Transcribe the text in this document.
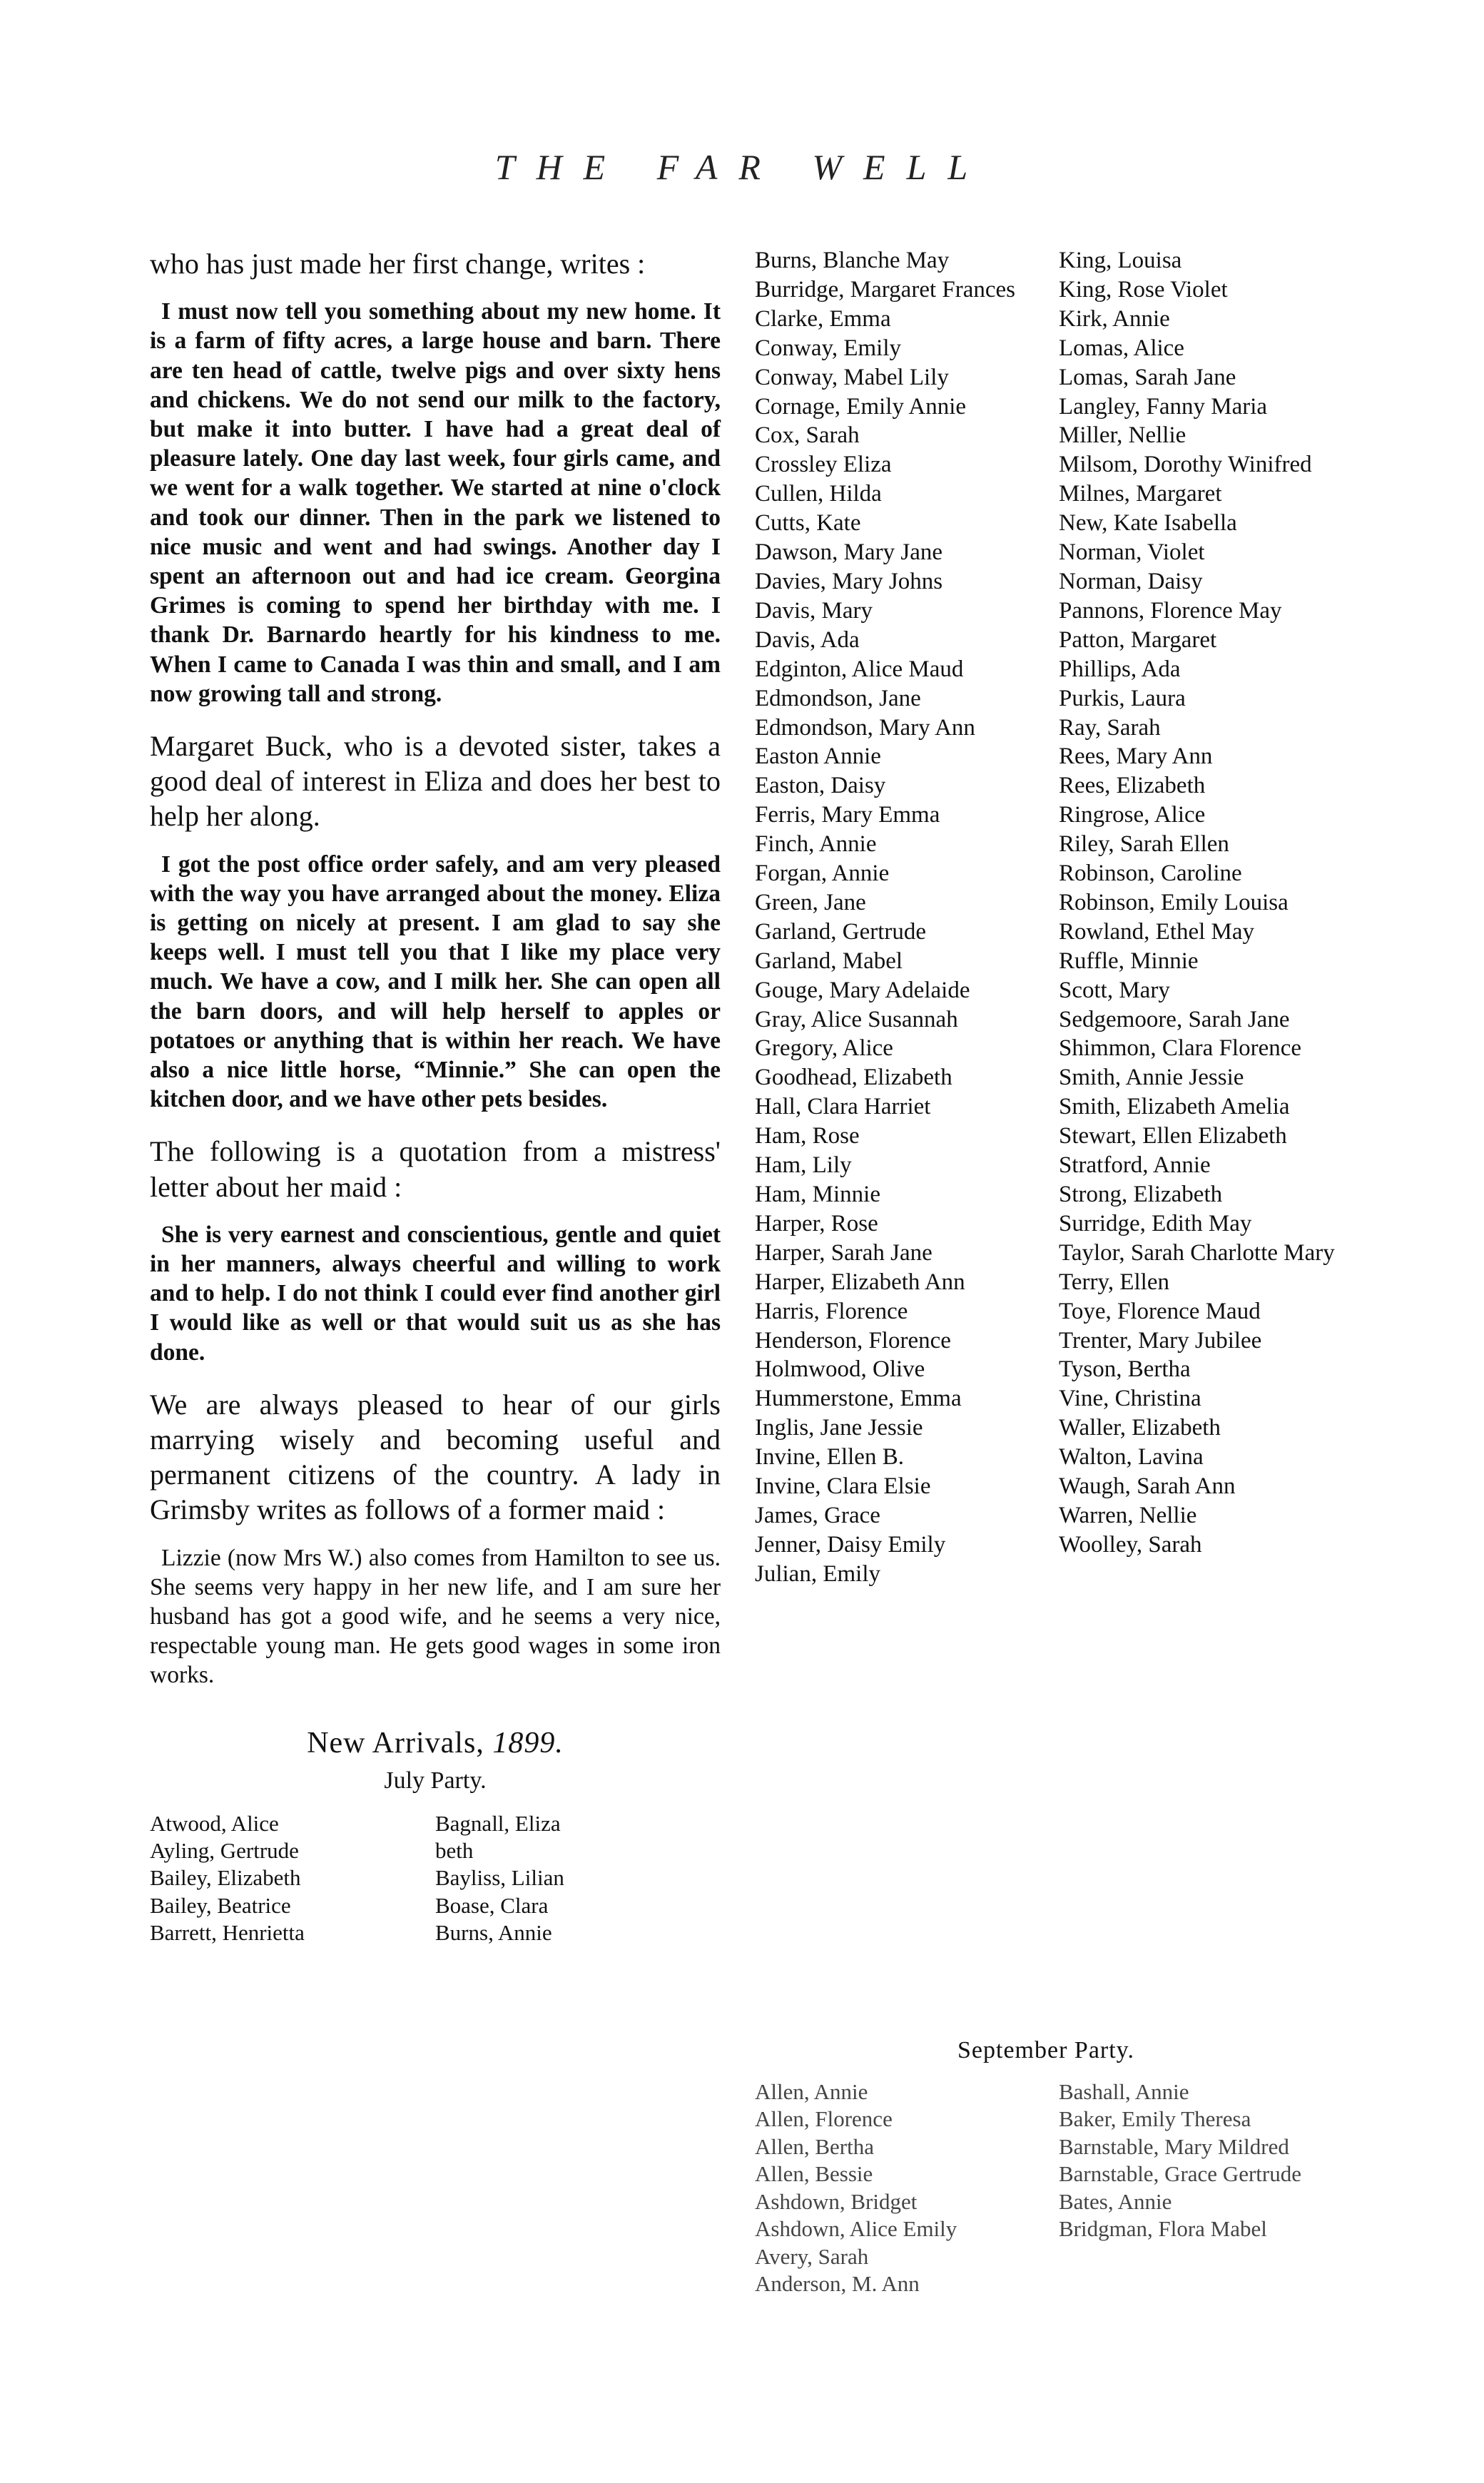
THE FAR WELL

who has just made her first change, writes :

I must now tell you something about my new home. It is a farm of fifty acres, a large house and barn. There are ten head of cattle, twelve pigs and over sixty hens and chickens. We do not send our milk to the factory, but make it into butter. I have had a great deal of pleasure lately. One day last week, four girls came, and we went for a walk together. We started at nine o'clock and took our dinner. Then in the park we listened to nice music and went and had swings. Another day I spent an afternoon out and had ice cream. Georgina Grimes is coming to spend her birthday with me. I thank Dr. Barnardo heartly for his kindness to me. When I came to Canada I was thin and small, and I am now growing tall and strong.

Margaret Buck, who is a devoted sister, takes a good deal of interest in Eliza and does her best to help her along.

I got the post office order safely, and am very pleased with the way you have arranged about the money. Eliza is getting on nicely at present. I am glad to say she keeps well. I must tell you that I like my place very much. We have a cow, and I milk her. She can open all the barn doors, and will help herself to apples or potatoes or anything that is within her reach. We have also a nice little horse, “Minnie.” She can open the kitchen door, and we have other pets besides.

The following is a quotation from a mistress' letter about her maid :

She is very earnest and conscientious, gentle and quiet in her manners, always cheerful and willing to work and to help. I do not think I could ever find another girl I would like as well or that would suit us as she has done.

We are always pleased to hear of our girls marrying wisely and becoming useful and permanent citizens of the country. A lady in Grimsby writes as follows of a former maid :

Lizzie (now Mrs W.) also comes from Hamilton to see us. She seems very happy in her new life, and I am sure her husband has got a good wife, and he seems a very nice, respectable young man. He gets good wages in some iron works.

New Arrivals, 1899.
July Party.
Atwood, Alice
Ayling, Gertrude
Bailey, Elizabeth
Bailey, Beatrice
Barrett, Henrietta
Bagnall, Eliza
beth
Bayliss, Lilian
Boase, Clara
Burns, Annie
Burns, Blanche May
Burridge, Margaret Frances
Clarke, Emma
Conway, Emily
Conway, Mabel Lily
Cornage, Emily Annie
Cox, Sarah
Crossley Eliza
Cullen, Hilda
Cutts, Kate
Dawson, Mary Jane
Davies, Mary Johns
Davis, Mary
Davis, Ada
Edginton, Alice Maud
Edmondson, Jane
Edmondson, Mary Ann
Easton Annie
Easton, Daisy
Ferris, Mary Emma
Finch, Annie
Forgan, Annie
Green, Jane
Garland, Gertrude
Garland, Mabel
Gouge, Mary Adelaide
Gray, Alice Susannah
Gregory, Alice
Goodhead, Elizabeth
Hall, Clara Harriet
Ham, Rose
Ham, Lily
Ham, Minnie
Harper, Rose
Harper, Sarah Jane
Harper, Elizabeth Ann
Harris, Florence
Henderson, Florence
Holmwood, Olive
Hummerstone, Emma
Inglis, Jane Jessie
Invine, Ellen B.
Invine, Clara Elsie
James, Grace
Jenner, Daisy Emily
Julian, Emily
King, Louisa
King, Rose Violet
Kirk, Annie
Lomas, Alice
Lomas, Sarah Jane
Langley, Fanny Maria
Miller, Nellie
Milsom, Dorothy Winifred
Milnes, Margaret
New, Kate Isabella
Norman, Violet
Norman, Daisy
Pannons, Florence May
Patton, Margaret
Phillips, Ada
Purkis, Laura
Ray, Sarah
Rees, Mary Ann
Rees, Elizabeth
Ringrose, Alice
Riley, Sarah Ellen
Robinson, Caroline
Robinson, Emily Louisa
Rowland, Ethel May
Ruffle, Minnie
Scott, Mary
Sedgemoore, Sarah Jane
Shimmon, Clara Florence
Smith, Annie Jessie
Smith, Elizabeth Amelia
Stewart, Ellen Elizabeth
Stratford, Annie
Strong, Elizabeth
Surridge, Edith May
Taylor, Sarah Charlotte Mary
Terry, Ellen
Toye, Florence Maud
Trenter, Mary Jubilee
Tyson, Bertha
Vine, Christina
Waller, Elizabeth
Walton, Lavina
Waugh, Sarah Ann
Warren, Nellie
Woolley, Sarah
September Party.
Allen, Annie
Allen, Florence
Allen, Bertha
Allen, Bessie
Ashdown, Bridget
Ashdown, Alice Emily
Avery, Sarah
Anderson, M. Ann
Bashall, Annie
Baker, Emily Theresa
Barnstable, Mary Mildred
Barnstable, Grace Gertrude
Bates, Annie
Bridgman, Flora Mabel
